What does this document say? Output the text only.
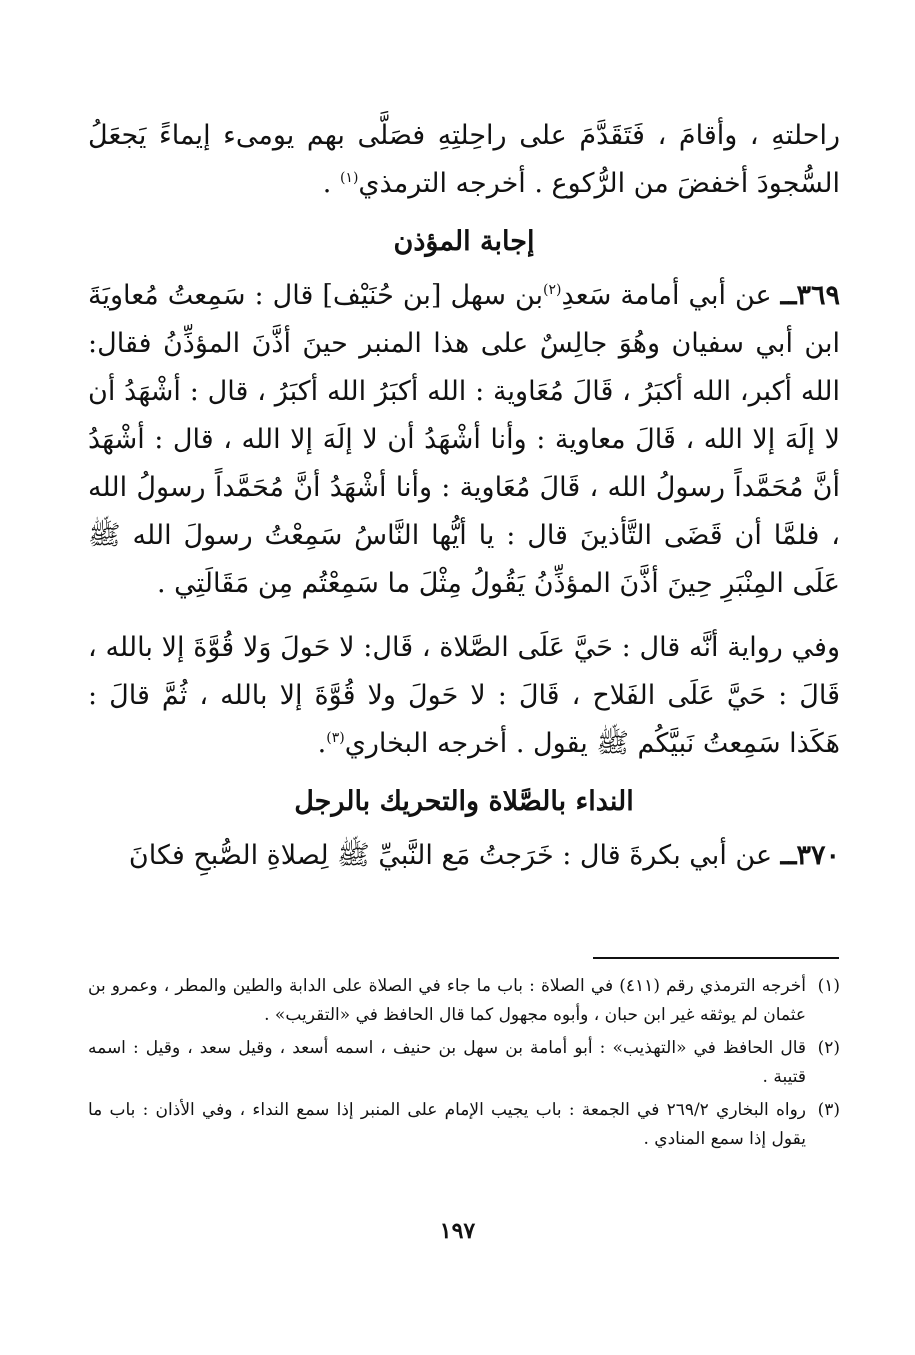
راحلتهِ ، وأقامَ ، فَتَقَدَّمَ على راحِلتِهِ فصَلَّى بهم يومىء إيماءً يَجعَلُ السُّجودَ أخفضَ من الرُّكوع . أخرجه الترمذي$^{(١)}$ .

إجابة المؤذن

٣٦٩ــ عن أبي أمامة سَعدِ$^{(٢)}$بن سهل [بن حُنَيْف] قال : سَمِعتُ مُعاويَةَ ابن أبي سفيان وهُوَ جالِسٌ على هذا المنبر حينَ أذَّنَ المؤذِّنُ فقال: الله أكبر، الله أكبَرُ ، قَالَ مُعَاوية : الله أكبَرُ الله أكبَرُ ، قال : أشْهَدُ أن لا إلَهَ إلا الله ، قَالَ معاوية : وأنا أشْهَدُ أن لا إلَهَ إلا الله ، قال : أشْهَدُ أنَّ مُحَمَّداً رسولُ الله ، قَالَ مُعَاوية : وأنا أشْهَدُ أنَّ مُحَمَّداً رسولُ الله ، فلمَّا أن قَضَى التَّأذينَ قال : يا أيُّها النَّاسُ سَمِعْتُ رسولَ الله ﷺ عَلَى المِنْبَرِ حِينَ أذَّنَ المؤذِّنُ يَقُولُ مِثْلَ ما سَمِعْتُم مِن مَقَالَتِي .

وفي رواية أنَّه قال : حَيَّ عَلَى الصَّلاة ، قَال: لا حَولَ وَلا قُوَّةَ إلا بالله ، قَالَ : حَيَّ عَلَى الفَلاح ، قَالَ : لا حَولَ ولا قُوَّةَ إلا بالله ، ثُمَّ قالَ : هَكَذا سَمِعتُ نَبيَّكُم ﷺ يقول . أخرجه البخاري$^{(٣)}$.

النداء بالصَّلاة والتحريك بالرجل

٣٧٠ــ عن أبي بكرةَ قال : خَرَجتُ مَع النَّبيِّ ﷺ لِصلاةِ الصُّبحِ فكانَ

(١)
أخرجه الترمذي رقم (٤١١) في الصلاة : باب ما جاء في الصلاة على الدابة والطين والمطر ، وعمرو بن عثمان لم يوثقه غير ابن حبان ، وأبوه مجهول كما قال الحافظ في «التقريب» .
(٢)
قال الحافظ في «التهذيب» : أبو أمامة بن سهل بن حنيف ، اسمه أسعد ، وقيل سعد ، وقيل : اسمه قتيبة .
(٣)
رواه البخاري ٢٦٩/٢ في الجمعة : باب يجيب الإمام على المنبر إذا سمع النداء ، وفي الأذان : باب ما يقول إذا سمع المنادي .
١٩٧
